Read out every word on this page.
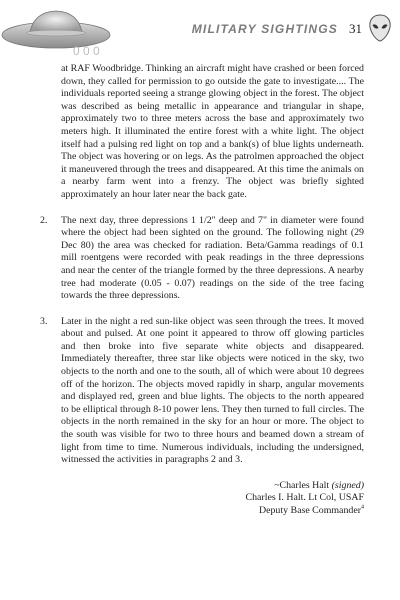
0 0 0
MILITARY SIGHTINGS 31

at RAF Woodbridge. Thinking an aircraft might have crashed or been forced down, they called for permission to go outside the gate to investigate.... The individuals reported seeing a strange glowing object in the forest. The object was described as being metallic in appearance and triangular in shape, approximately two to three meters across the base and approximately two meters high. It illuminated the entire forest with a white light. The object itself had a pulsing red light on top and a bank(s) of blue lights underneath. The object was hovering or on legs. As the patrolmen approached the object it maneuvered through the trees and disappeared. At this time the animals on a nearby farm went into a frenzy. The object was briefly sighted approximately an hour later near the back gate.

2.	The next day, three depressions 1 1/2" deep and 7" in diameter were found where the object had been sighted on the ground. The following night (29 Dec 80) the area was checked for radiation. Beta/Gamma readings of 0.1 mill roentgens were recorded with peak readings in the three depressions and near the center of the triangle formed by the three depressions. A nearby tree had moderate (0.05 - 0.07) readings on the side of the tree facing towards the three depressions.
3.	Later in the night a red sun-like object was seen through the trees. It moved about and pulsed. At one point it appeared to throw off glowing particles and then broke into five separate white objects and disappeared. Immediately thereafter, three star like objects were noticed in the sky, two objects to the north and one to the south, all of which were about 10 degrees off of the horizon. The objects moved rapidly in sharp, angular movements and displayed red, green and blue lights. The objects to the north appeared to be elliptical through 8-10 power lens. They then turned to full circles. The objects in the north remained in the sky for an hour or more. The object to the south was visible for two to three hours and beamed down a stream of light from time to time. Numerous individuals, including the undersigned, witnessed the activities in paragraphs 2 and 3.
~Charles Halt (signed)
Charles I. Halt. Lt Col, USAF
Deputy Base Commander$^4$
